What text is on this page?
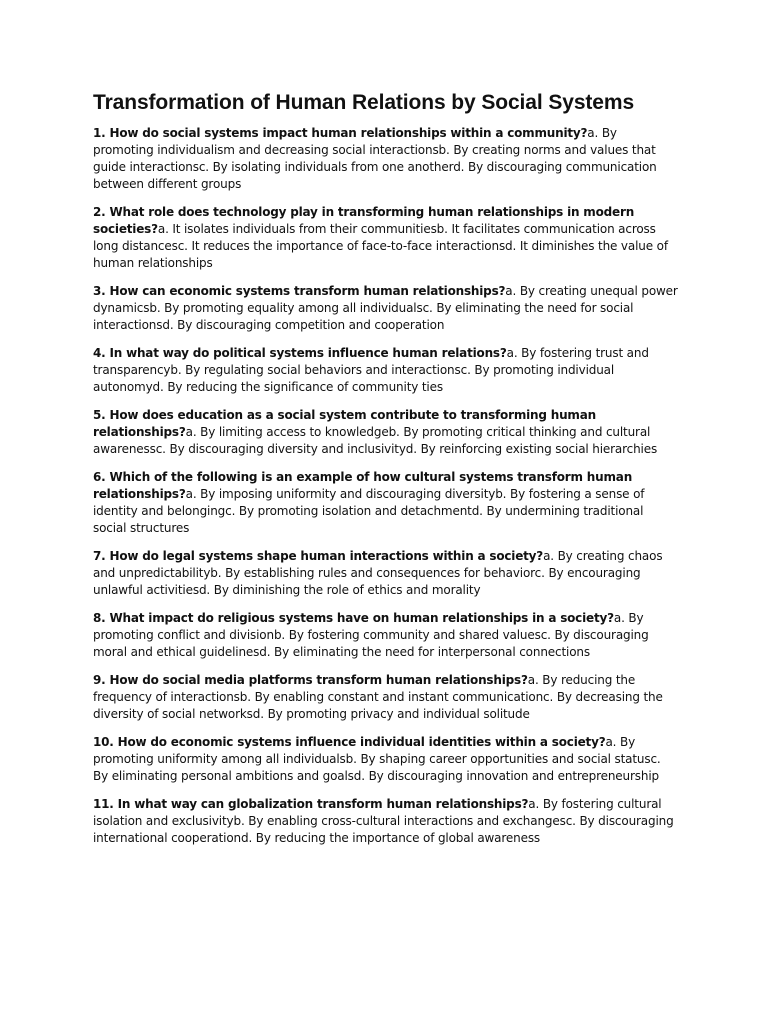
Transformation of Human Relations by Social Systems

1. How do social systems impact human relationships within a community?a. By promoting individualism and decreasing social interactionsb. By creating norms and values that guide interactionsc. By isolating individuals from one anotherd. By discouraging communication between different groups

2. What role does technology play in transforming human relationships in modern societies?a. It isolates individuals from their communitiesb. It facilitates communication across long distancesc. It reduces the importance of face-to-face interactionsd. It diminishes the value of human relationships

3. How can economic systems transform human relationships?a. By creating unequal power dynamicsb. By promoting equality among all individualsc. By eliminating the need for social interactionsd. By discouraging competition and cooperation

4. In what way do political systems influence human relations?a. By fostering trust and transparencyb. By regulating social behaviors and interactionsc. By promoting individual autonomyd. By reducing the significance of community ties

5. How does education as a social system contribute to transforming human relationships?a. By limiting access to knowledgeb. By promoting critical thinking and cultural awarenessc. By discouraging diversity and inclusivityd. By reinforcing existing social hierarchies

6. Which of the following is an example of how cultural systems transform human relationships?a. By imposing uniformity and discouraging diversityb. By fostering a sense of identity and belongingc. By promoting isolation and detachmentd. By undermining traditional social structures

7. How do legal systems shape human interactions within a society?a. By creating chaos and unpredictabilityb. By establishing rules and consequences for behaviorc. By encouraging unlawful activitiesd. By diminishing the role of ethics and morality

8. What impact do religious systems have on human relationships in a society?a. By promoting conflict and divisionb. By fostering community and shared valuesc. By discouraging moral and ethical guidelinesd. By eliminating the need for interpersonal connections

9. How do social media platforms transform human relationships?a. By reducing the frequency of interactionsb. By enabling constant and instant communicationc. By decreasing the diversity of social networksd. By promoting privacy and individual solitude

10. How do economic systems influence individual identities within a society?a. By promoting uniformity among all individualsb. By shaping career opportunities and social statusc. By eliminating personal ambitions and goalsd. By discouraging innovation and entrepreneurship

11. In what way can globalization transform human relationships?a. By fostering cultural isolation and exclusivityb. By enabling cross-cultural interactions and exchangesc. By discouraging international cooperationd. By reducing the importance of global awareness
